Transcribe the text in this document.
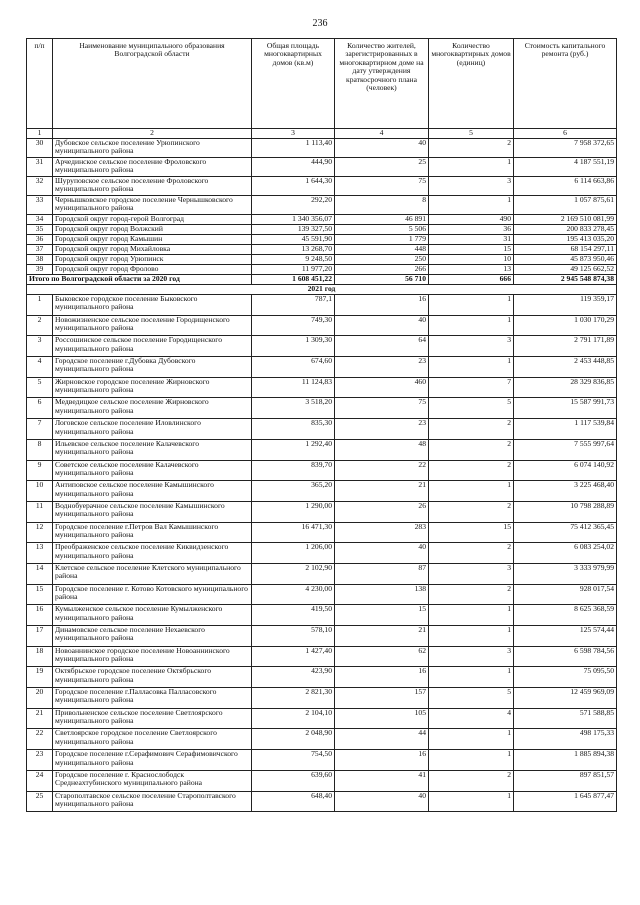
236
п/п	Наименование муниципального образования Волгоградской области	Общая площадь многоквартирных домов (кв.м)	Количество жителей, зарегистрированных в многоквартирном доме на дату утверждения краткосрочного плана (человек)	Количество многоквартирных домов (единиц)	Стоимость капитального ремонта (руб.)
1	2	3	4	5	6
30	Дубовское сельское поселение Урюпинского муниципального района	1 113,40	40	2	7 958 372,65
31	Арчединское сельское поселение Фроловского муниципального района	444,90	25	1	4 187 551,19
32	Шуруповское сельское поселение Фроловского муниципального района	1 644,30	75	3	6 114 663,86
33	Чернышковское городское поселение Чернышковского муниципального района	292,20	8	1	1 057 875,61
34	Городской округ город-герой Волгоград	1 340 356,07	46 891	490	2 169 510 081,99
35	Городской округ город Волжский	139 327,50	5 506	36	200 833 278,45
36	Городской округ город Камышин	45 591,90	1 779	31	195 413 035,20
37	Городской округ город Михайловка	13 268,70	448	15	68 154 297,11
38	Городской округ город Урюпинск	9 248,50	250	10	45 873 950,46
39	Городской округ город Фролово	11 977,20	266	13	49 125 662,52
Итого по Волгоградской области за 2020 год		1 608 451,22	56 710	666	2 945 548 874,38
2021 год					
1	Быковское городское поселение Быковского муниципального района	787,1	16	1	119 359,17
2	Новожизненское сельское поселение Городищенского муниципального района	749,30	40	1	1 030 170,29
3	Россошинское сельское поселение Городищенского муниципального района	1 309,30	64	3	2 791 171,89
4	Городское поселение г.Дубовка Дубовского муниципального района	674,60	23	1	2 453 448,85
5	Жирновское городское поселение Жирновского муниципального района	11 124,83	460	7	28 329 836,85
6	Медведицкое сельское поселение Жирновского муниципального района	3 518,20	75	5	15 587 991,73
7	Логовское сельское поселение Иловлинского муниципального района	835,30	23	2	1 117 539,84
8	Ильевское сельское поселение Калачевского муниципального района	1 292,40	48	2	7 555 997,64
9	Советское сельское поселение Калачевского муниципального района	839,70	22	2	6 074 140,92
10	Антиповское сельское поселение Камышинского муниципального района	365,20	21	1	3 225 468,40
11	Воднобуерачное сельское поселение Камышинского муниципального района	1 290,00	26	2	10 798 288,89
12	Городское поселение г.Петров Вал Камышинского муниципального района	16 471,30	283	15	75 412 365,45
13	Преображенское сельское поселение Киквидзенского муниципального района	1 206,00	40	2	6 083 254,02
14	Клетское сельское поселение Клетского муниципального района	2 102,90	87	3	3 333 979,99
15	Городское поселение г. Котово Котовского муниципального района	4 230,00	138	2	928 017,54
16	Кумылженское сельское поселение Кумылженского муниципального района	419,50	15	1	8 625 368,59
17	Динамовское сельское поселение Нехаевского муниципального района	578,10	21	1	125 574,44
18	Новоаннинское городское поселение Новоаннинского муниципального района	1 427,40	62	3	6 598 784,56
19	Октябрьское городское поселение Октябрьского муниципального района	423,90	16	1	75 095,50
20	Городское поселение г.Палласовка Палласовского муниципального района	2 821,30	157	5	12 459 969,09
21	Привольненское сельское поселение Светлоярского муниципального района	2 104,10	105	4	571 588,85
22	Светлоярское городское поселение Светлоярского муниципального района	2 048,90	44	1	498 175,33
23	Городское поселение г.Серафимович Серафимовичского муниципального района	754,50	16	1	1 885 894,38
24	Городское поселение г. Краснослободск Среднеахтубинского муниципального района	639,60	41	2	897 851,57
25	Старополтавское сельское поселение Старополтавского муниципального района	648,40	40	1	1 645 877,47
